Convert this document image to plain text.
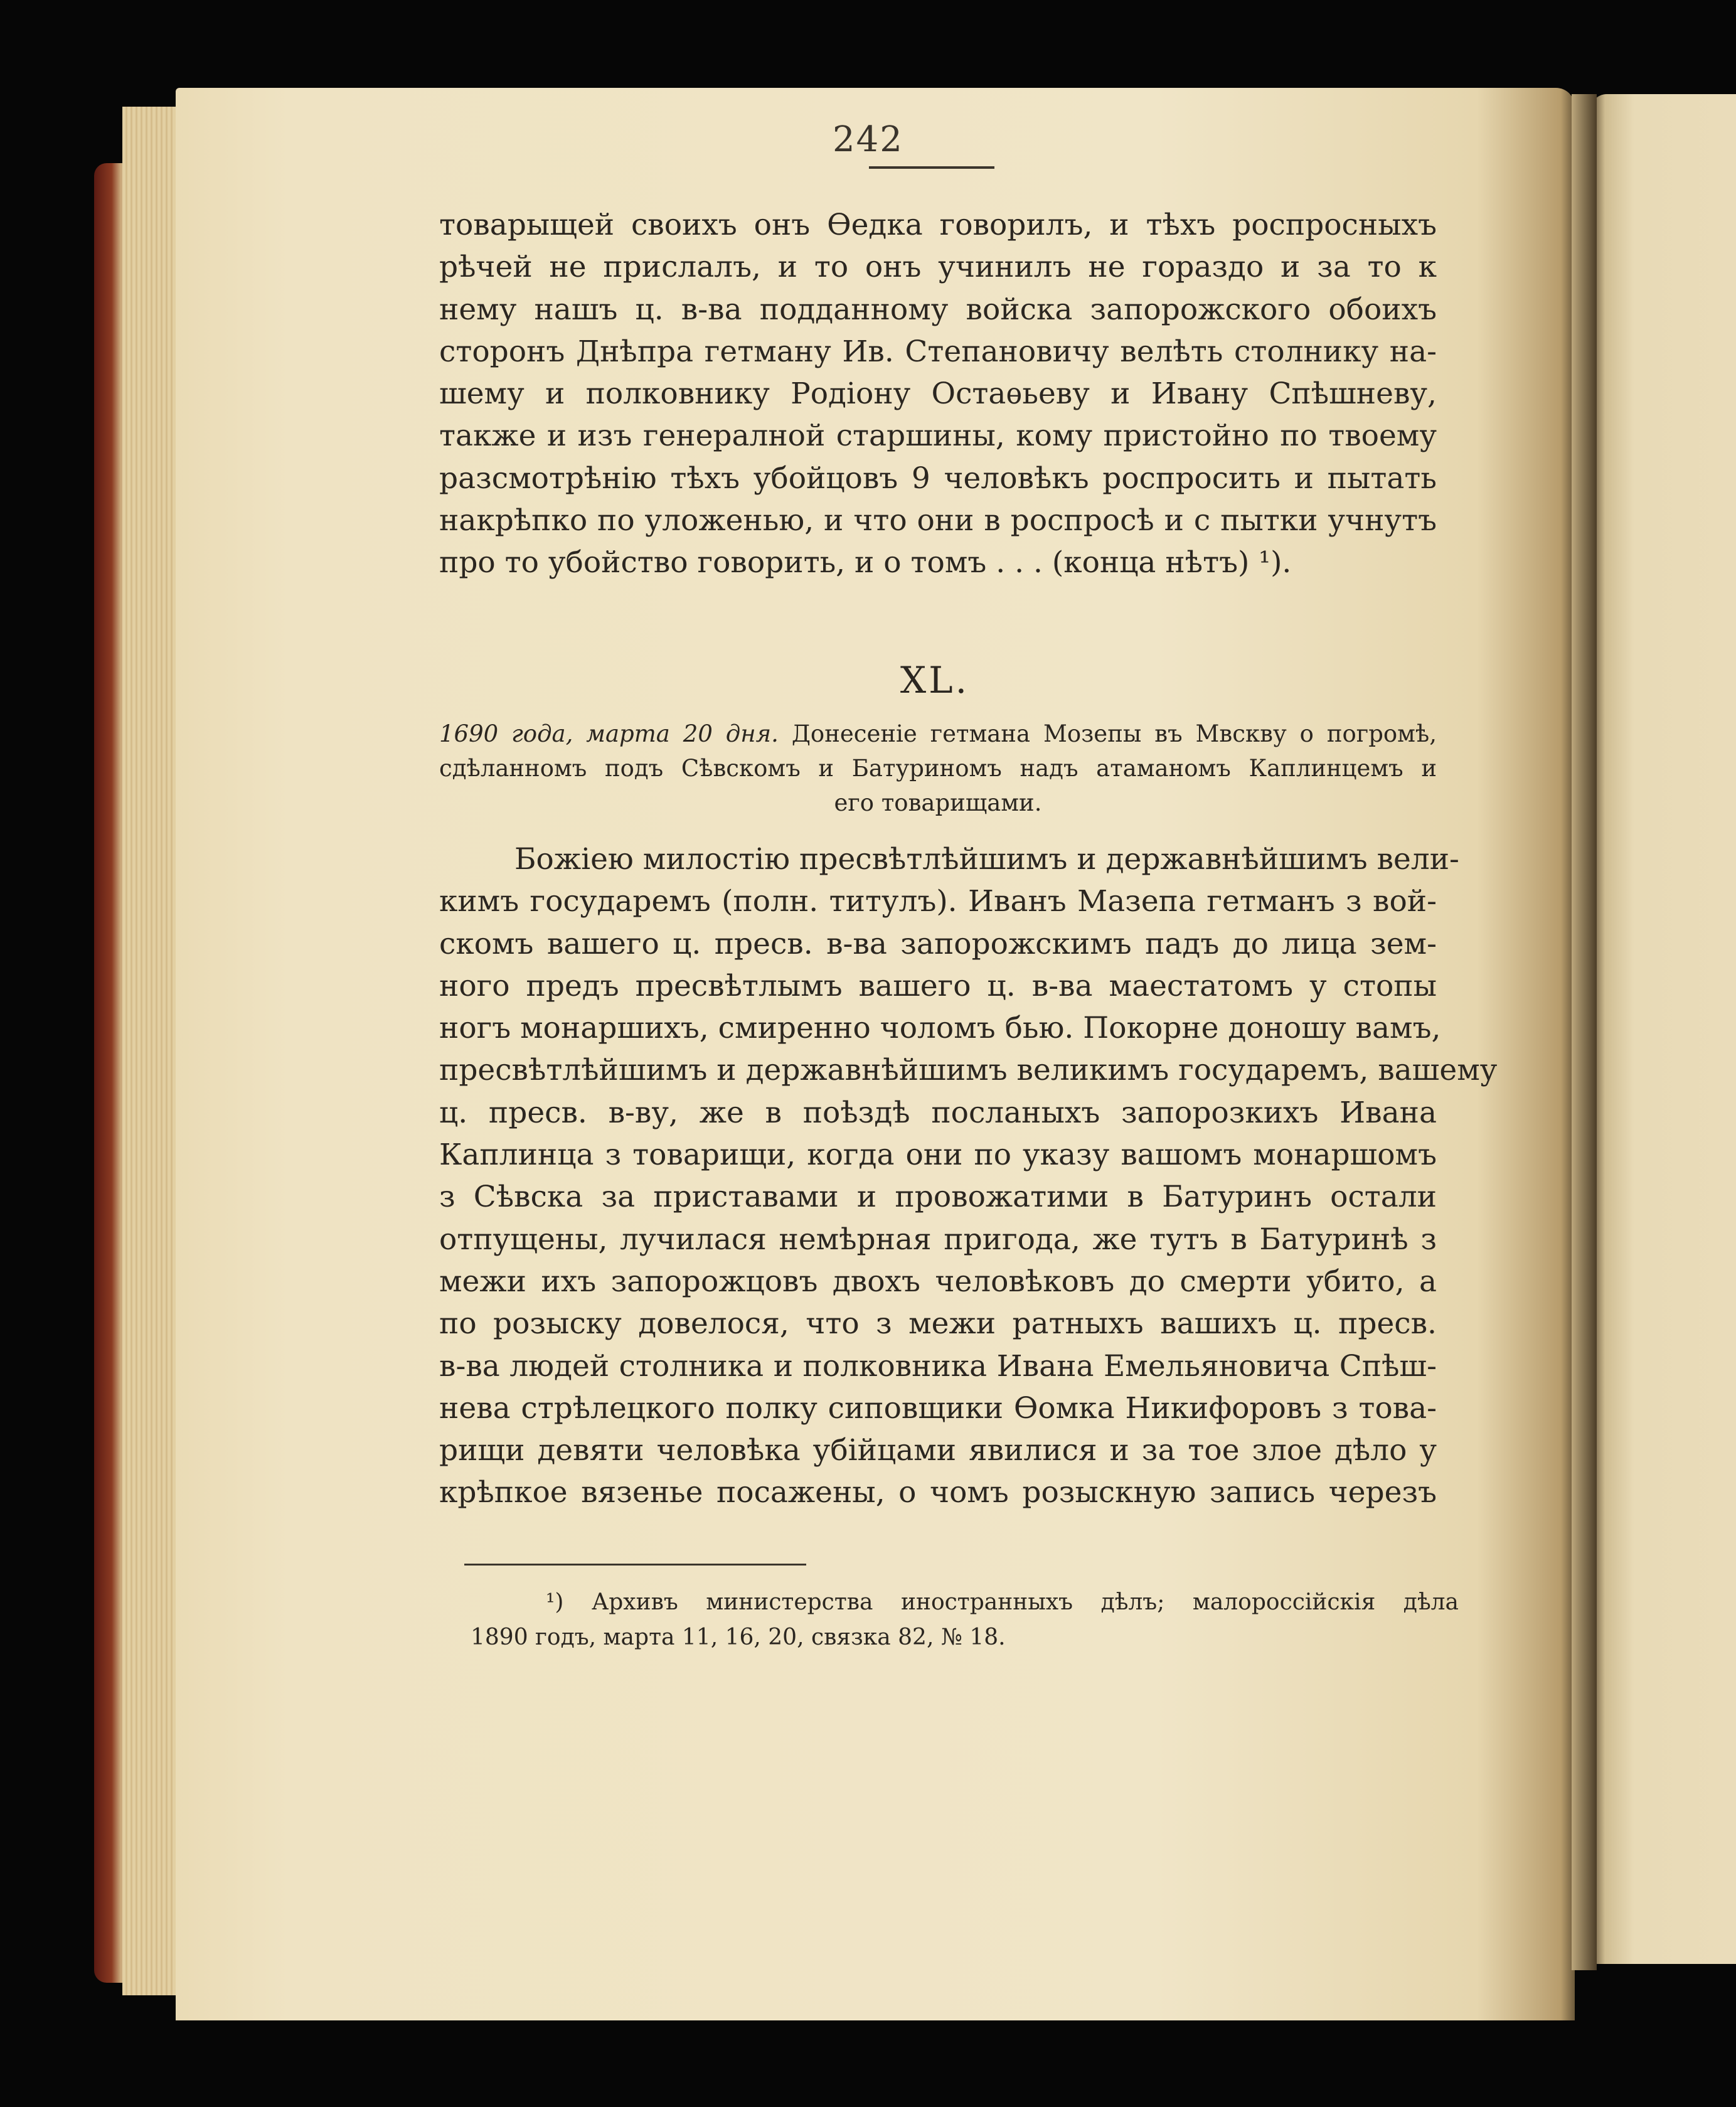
242
товарыщей своихъ онъ Ѳедка говорилъ, и тѣхъ роспросныхъ
рѣчей не прислалъ, и то онъ учинилъ не гораздо и за то к
нему нашъ ц. в-ва подданному войска запорожского обоихъ
сторонъ Днѣпра гетману Ив. Степановичу велѣть столнику на-
шему и полковнику Родіону Остаѳьеву и Ивану Спѣшневу,
также и изъ генералной старшины, кому пристойно по твоему
разсмотрѣнію тѣхъ убойцовъ 9 человѣкъ роспросить и пытать
накрѣпко по уложенью, и что они в роспросѣ и с пытки учнутъ
про то убойство говорить, и о томъ . . . (конца нѣтъ) ¹).
XL.
1690 года, марта 20 дня. Донесеніе гетмана Мозепы въ Мвскву о погромѣ,
сдѣланномъ подъ Сѣвскомъ и Батуриномъ надъ атаманомъ Каплинцемъ и
его товарищами.
Божіею милостію пресвѣтлѣйшимъ и державнѣйшимъ вели-
кимъ государемъ (полн. титулъ). Иванъ Мазепа гетманъ з вой-
скомъ вашего ц. пресв. в-ва запорожскимъ падъ до лица зем-
ного предъ пресвѣтлымъ вашего ц. в-ва маестатомъ у стопы
ногъ монаршихъ, смиренно чоломъ бью. Покорне доношу вамъ,
пресвѣтлѣйшимъ и державнѣйшимъ великимъ государемъ, вашему
ц. пресв. в-ву, же в поѣздѣ посланыхъ запорозкихъ Ивана
Каплинца з товарищи, когда они по указу вашомъ монаршомъ
з Сѣвска за приставами и провожатими в Батуринъ остали
отпущены, лучилася немѣрная пригода, же тутъ в Батуринѣ з
межи ихъ запорожцовъ двохъ человѣковъ до смерти убито, а
по розыску довелося, что з межи ратныхъ вашихъ ц. пресв.
в-ва людей столника и полковника Ивана Емельяновича Спѣш-
нева стрѣлецкого полку сиповщики Ѳомка Никифоровъ з това-
рищи девяти человѣка убійцами явилися и за тое злое дѣло у
крѣпкое вязенье посажены, о чомъ розыскную запись черезъ
¹) Архивъ министерства иностранныхъ дѣлъ; малороссійскія дѣла
1890 годъ, марта 11, 16, 20, связка 82, № 18.
